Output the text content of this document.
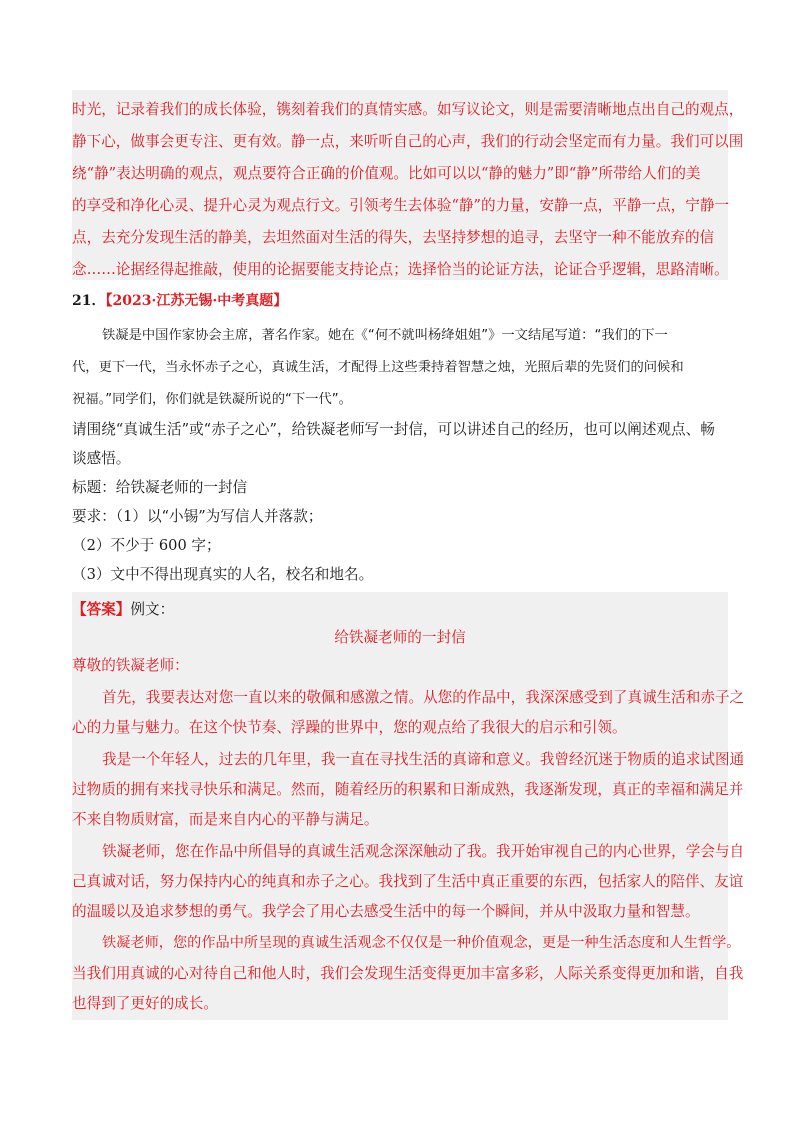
时光，记录着我们的成长体验，镌刻着我们的真情实感。如写议论文，则是需要清晰地点出自己的观点，
静下心，做事会更专注、更有效。静一点，来听听自己的心声，我们的行动会坚定而有力量。我们可以围
绕“静”表达明确的观点，观点要符合正确的价值观。比如可以以“静的魅力”即“静”所带给人们的美
的享受和净化心灵、提升心灵为观点行文。引领考生去体验“静”的力量，安静一点，平静一点，宁静一
点，去充分发现生活的静美，去坦然面对生活的得失，去坚持梦想的追寻，去坚守一种不能放弃的信
念……论据经得起推敲，使用的论据要能支持论点；选择恰当的论证方法，论证合乎逻辑，思路清晰。
21．【2023·江苏无锡·中考真题】
铁凝是中国作家协会主席，著名作家。她在《“何不就叫杨绛姐姐”》一文结尾写道：“我们的下一
代，更下一代，当永怀赤子之心，真诚生活，才配得上这些秉持着智慧之烛，光照后辈的先贤们的问候和
祝福。”同学们，你们就是铁凝所说的“下一代”。
请围绕“真诚生活”或“赤子之心”，给铁凝老师写一封信，可以讲述自己的经历，也可以阐述观点、畅
谈感悟。
标题：给铁凝老师的一封信
要求：（1）以“小锡”为写信人并落款；
（2）不少于 600 字；
（3）文中不得出现真实的人名，校名和地名。
【答案】例文：
给铁凝老师的一封信
尊敬的铁凝老师：
首先，我要表达对您一直以来的敬佩和感激之情。从您的作品中，我深深感受到了真诚生活和赤子之
心的力量与魅力。在这个快节奏、浮躁的世界中，您的观点给了我很大的启示和引领。
我是一个年轻人，过去的几年里，我一直在寻找生活的真谛和意义。我曾经沉迷于物质的追求试图通
过物质的拥有来找寻快乐和满足。然而，随着经历的积累和日渐成熟，我逐渐发现，真正的幸福和满足并
不来自物质财富，而是来自内心的平静与满足。
铁凝老师，您在作品中所倡导的真诚生活观念深深触动了我。我开始审视自己的内心世界，学会与自
己真诚对话，努力保持内心的纯真和赤子之心。我找到了生活中真正重要的东西，包括家人的陪伴、友谊
的温暖以及追求梦想的勇气。我学会了用心去感受生活中的每一个瞬间，并从中汲取力量和智慧。
铁凝老师，您的作品中所呈现的真诚生活观念不仅仅是一种价值观念，更是一种生活态度和人生哲学。
当我们用真诚的心对待自己和他人时，我们会发现生活变得更加丰富多彩，人际关系变得更加和谐，自我
也得到了更好的成长。
